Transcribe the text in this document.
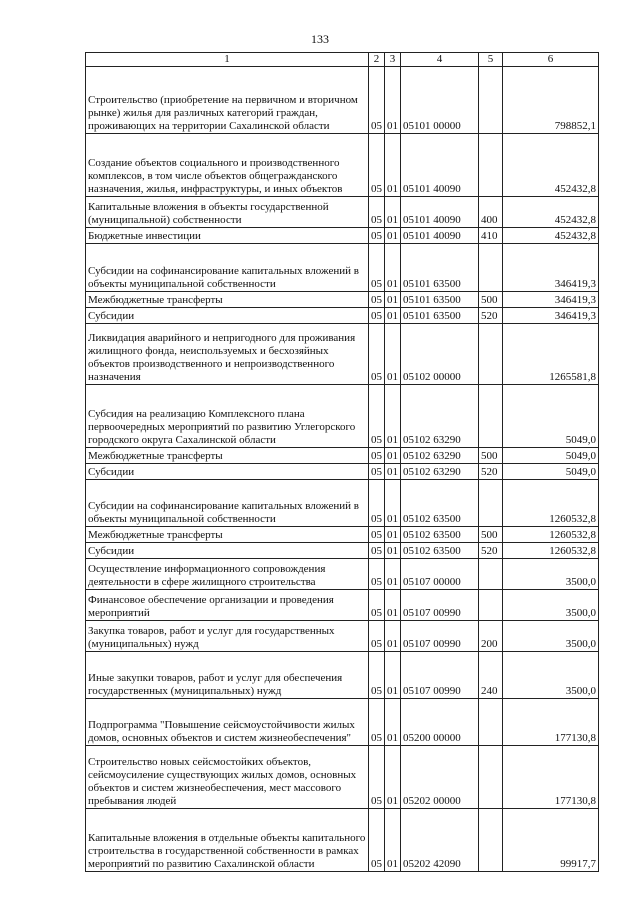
133
1	2	3	4	5	6
Строительство (приобретение на первичном и вторичном рынке) жилья для различных категорий граждан, проживающих на территории Сахалинской области	05	01	05101 00000		798852,1
Создание объектов социального и производственного комплексов, в том числе объектов общегражданского назначения, жилья, инфраструктуры, и иных объектов	05	01	05101 40090		452432,8
Капитальные вложения в объекты государственной (муниципальной) собственности	05	01	05101 40090	400	452432,8
Бюджетные инвестиции	05	01	05101 40090	410	452432,8
Субсидии на софинансирование капитальных вложений в объекты муниципальной собственности	05	01	05101 63500		346419,3
Межбюджетные трансферты	05	01	05101 63500	500	346419,3
Субсидии	05	01	05101 63500	520	346419,3
Ликвидация аварийного и непригодного для проживания жилищного фонда, неиспользуемых и бесхозяйных объектов производственного и непроизводственного назначения	05	01	05102 00000		1265581,8
Субсидия на реализацию Комплексного плана первоочередных мероприятий по развитию Углегорского городского округа Сахалинской области	05	01	05102 63290		5049,0
Межбюджетные трансферты	05	01	05102 63290	500	5049,0
Субсидии	05	01	05102 63290	520	5049,0
Субсидии на софинансирование капитальных вложений в объекты муниципальной собственности	05	01	05102 63500		1260532,8
Межбюджетные трансферты	05	01	05102 63500	500	1260532,8
Субсидии	05	01	05102 63500	520	1260532,8
Осуществление информационного сопровождения деятельности в сфере жилищного строительства	05	01	05107 00000		3500,0
Финансовое обеспечение организации и проведения мероприятий	05	01	05107 00990		3500,0
Закупка товаров, работ и услуг для государственных (муниципальных) нужд	05	01	05107 00990	200	3500,0
Иные закупки товаров, работ и услуг для обеспечения государственных (муниципальных) нужд	05	01	05107 00990	240	3500,0
Подпрограмма "Повышение сейсмоустойчивости жилых домов, основных объектов и систем жизнеобеспечения"	05	01	05200 00000		177130,8
Строительство новых сейсмостойких объектов, сейсмоусиление существующих жилых домов, основных объектов и систем жизнеобеспечения, мест массового пребывания людей	05	01	05202 00000		177130,8
Капитальные вложения в отдельные объекты капитального строительства в государственной собственности в рамках мероприятий по развитию Сахалинской области	05	01	05202 42090		99917,7
